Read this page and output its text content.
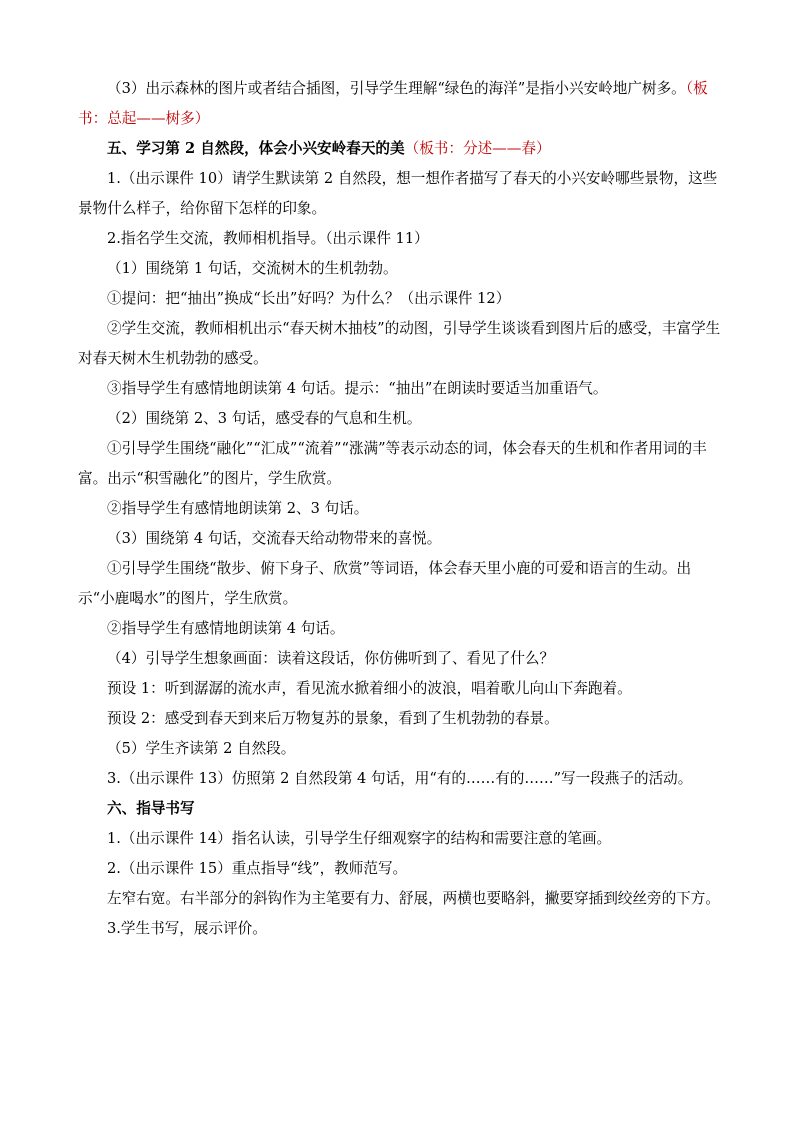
（3）出示森林的图片或者结合插图，引导学生理解“绿色的海洋”是指小兴安岭地广树多。（板书：总起——树多）

五、学习第 2 自然段，体会小兴安岭春天的美（板书：分述——春）

1.（出示课件 10）请学生默读第 2 自然段，想一想作者描写了春天的小兴安岭哪些景物，这些景物什么样子，给你留下怎样的印象。

2.指名学生交流，教师相机指导。（出示课件 11）

（1）围绕第 1 句话，交流树木的生机勃勃。

①提问：把“抽出”换成“长出”好吗？为什么？（出示课件 12）

②学生交流，教师相机出示“春天树木抽枝”的动图，引导学生谈谈看到图片后的感受，丰富学生对春天树木生机勃勃的感受。

③指导学生有感情地朗读第 4 句话。提示：“抽出”在朗读时要适当加重语气。

（2）围绕第 2、3 句话，感受春的气息和生机。

①引导学生围绕“融化”“汇成”“流着”“涨满”等表示动态的词，体会春天的生机和作者用词的丰富。出示“积雪融化”的图片，学生欣赏。

②指导学生有感情地朗读第 2、3 句话。

（3）围绕第 4 句话，交流春天给动物带来的喜悦。

①引导学生围绕“散步、俯下身子、欣赏”等词语，体会春天里小鹿的可爱和语言的生动。出示“小鹿喝水”的图片，学生欣赏。

②指导学生有感情地朗读第 4 句话。

（4）引导学生想象画面：读着这段话，你仿佛听到了、看见了什么？

预设 1：听到潺潺的流水声，看见流水掀着细小的波浪，唱着歌儿向山下奔跑着。

预设 2：感受到春天到来后万物复苏的景象，看到了生机勃勃的春景。

（5）学生齐读第 2 自然段。

3.（出示课件 13）仿照第 2 自然段第 4 句话，用“有的……有的……”写一段燕子的活动。

六、指导书写

1.（出示课件 14）指名认读，引导学生仔细观察字的结构和需要注意的笔画。

2.（出示课件 15）重点指导“线”，教师范写。

左窄右宽。右半部分的斜钩作为主笔要有力、舒展，两横也要略斜，撇要穿插到绞丝旁的下方。

3.学生书写，展示评价。
